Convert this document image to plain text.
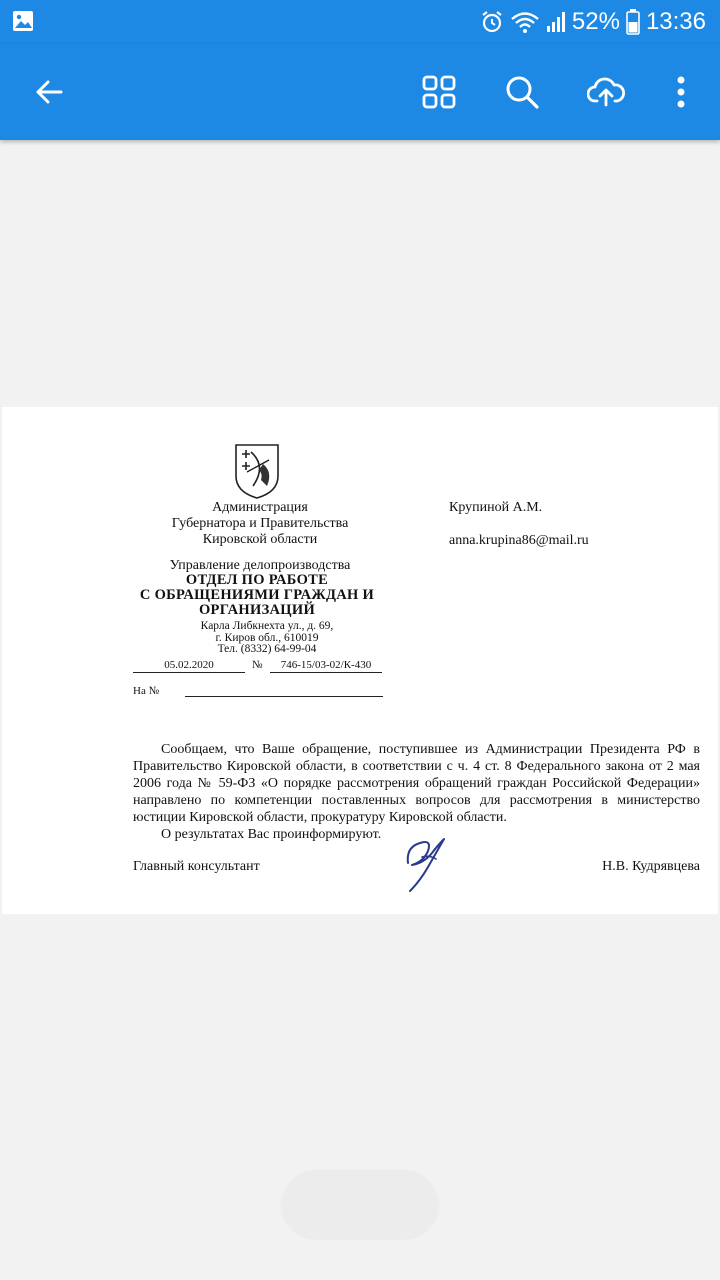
52% 13:36
Администрация
Губернатора и Правительства
Кировской области
Управление делопроизводства
ОТДЕЛ ПО РАБОТЕ
С ОБРАЩЕНИЯМИ ГРАЖДАН И
ОРГАНИЗАЦИЙ
Карла Либкнехта ул., д. 69,
г. Киров обл., 610019
Тел. (8332) 64-99-04
05.02.2020	№	746-15/03-02/К-430
На №
Крупиной А.М.
anna.krupina86@mail.ru

Сообщаем, что Ваше обращение, поступившее из Администрации Президента РФ в Правительство Кировской области, в соответствии с ч. 4 ст. 8 Федерального закона от 2 мая 2006 года № 59-ФЗ «О порядке рассмотрения обращений граждан Российской Федерации» направлено по компетенции поставленных вопросов для рассмотрения в министерство юстиции Кировской области, прокуратуру Кировской области.

О результатах Вас проинформируют.

Главный консультант	Н.В. Кудрявцева
